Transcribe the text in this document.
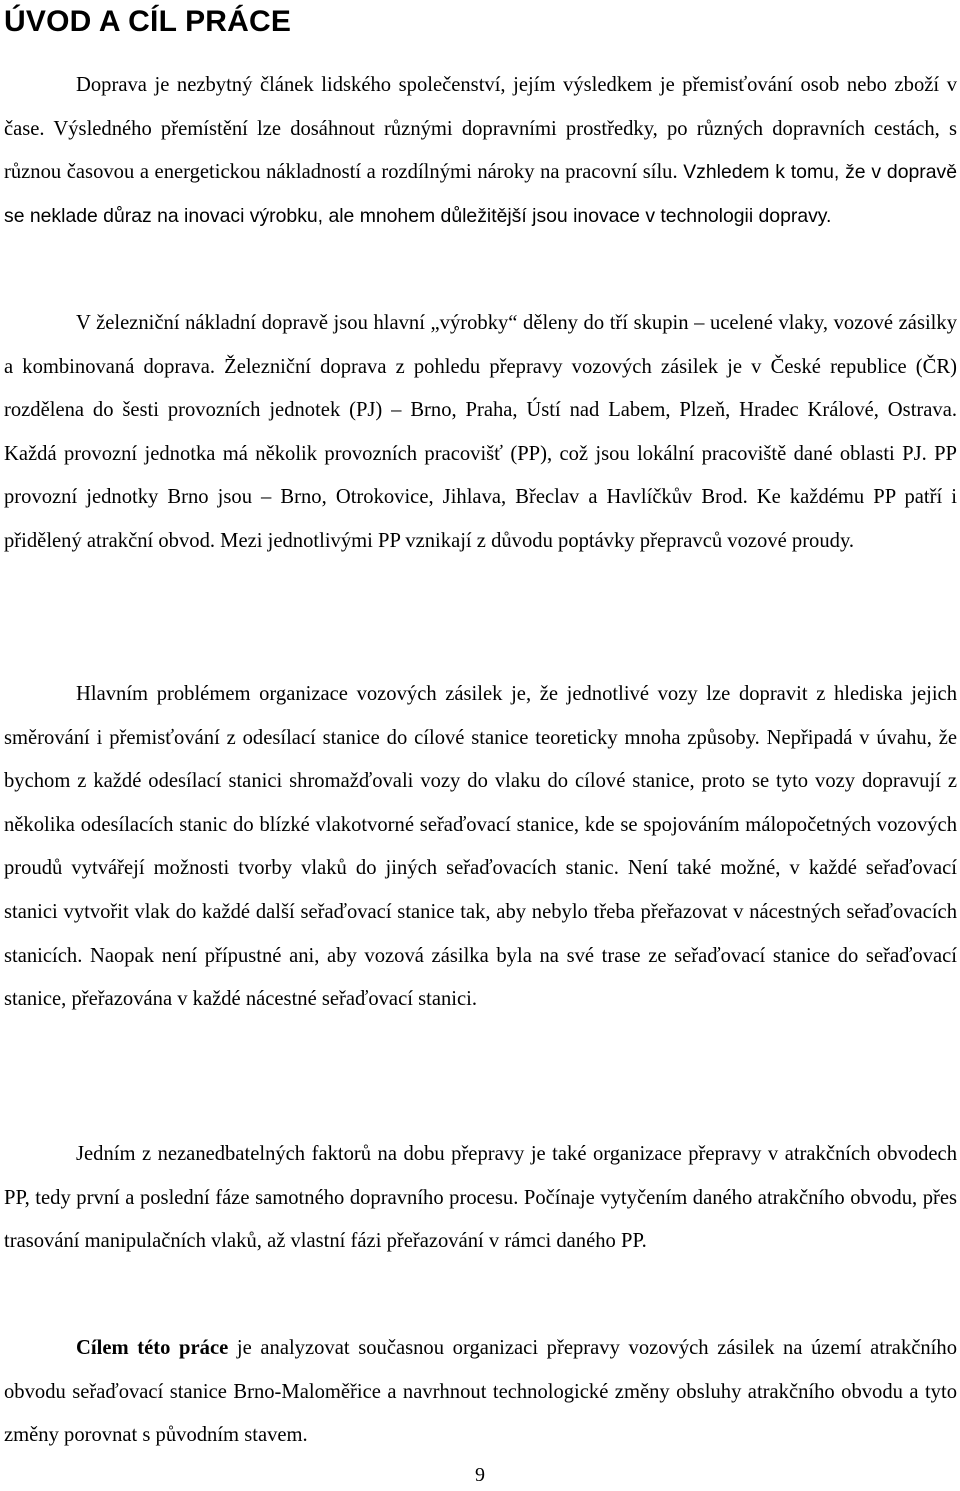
ÚVOD A CÍL PRÁCE

Doprava je nezbytný článek lidského společenství, jejím výsledkem je přemisťování osob nebo zboží v čase. Výsledného přemístění lze dosáhnout různými dopravními prostředky, po různých dopravních cestách, s různou časovou a energetickou nákladností a rozdílnými nároky na pracovní sílu. Vzhledem k tomu, že v dopravě se neklade důraz na inovaci výrobku, ale mnohem důležitější jsou inovace v technologii dopravy.

V železniční nákladní dopravě jsou hlavní „výrobky“ děleny do tří skupin – ucelené vlaky, vozové zásilky a kombinovaná doprava. Železniční doprava z pohledu přepravy vozových zásilek je v České republice (ČR) rozdělena do šesti provozních jednotek (PJ) – Brno, Praha, Ústí nad Labem, Plzeň, Hradec Králové, Ostrava. Každá provozní jednotka má několik provozních pracovišť (PP), což jsou lokální pracoviště dané oblasti PJ. PP provozní jednotky Brno jsou – Brno, Otrokovice, Jihlava, Břeclav a Havlíčkův Brod. Ke každému PP patří i přidělený atrakční obvod. Mezi jednotlivými PP vznikají z důvodu poptávky přepravců vozové proudy.

Hlavním problémem organizace vozových zásilek je, že jednotlivé vozy lze dopravit z hlediska jejich směrování i přemisťování z odesílací stanice do cílové stanice teoreticky mnoha způsoby. Nepřipadá v úvahu, že bychom z každé odesílací stanici shromažďovali vozy do vlaku do cílové stanice, proto se tyto vozy dopravují z několika odesílacích stanic do blízké vlakotvorné seřaďovací stanice, kde se spojováním málopočetných vozových proudů vytvářejí možnosti tvorby vlaků do jiných seřaďovacích stanic. Není také možné, v každé seřaďovací stanici vytvořit vlak do každé další seřaďovací stanice tak, aby nebylo třeba přeřazovat v nácestných seřaďovacích stanicích. Naopak není přípustné ani, aby vozová zásilka byla na své trase ze seřaďovací stanice do seřaďovací stanice, přeřazována v každé nácestné seřaďovací stanici.

Jedním z nezanedbatelných faktorů na dobu přepravy je také organizace přepravy v atrakčních obvodech PP, tedy první a poslední fáze samotného dopravního procesu. Počínaje vytyčením daného atrakčního obvodu, přes trasování manipulačních vlaků, až vlastní fázi přeřazování v rámci daného PP.

Cílem této práce je analyzovat současnou organizaci přepravy vozových zásilek na území atrakčního obvodu seřaďovací stanice Brno-Maloměřice a navrhnout technologické změny obsluhy atrakčního obvodu a tyto změny porovnat s původním stavem.

9
